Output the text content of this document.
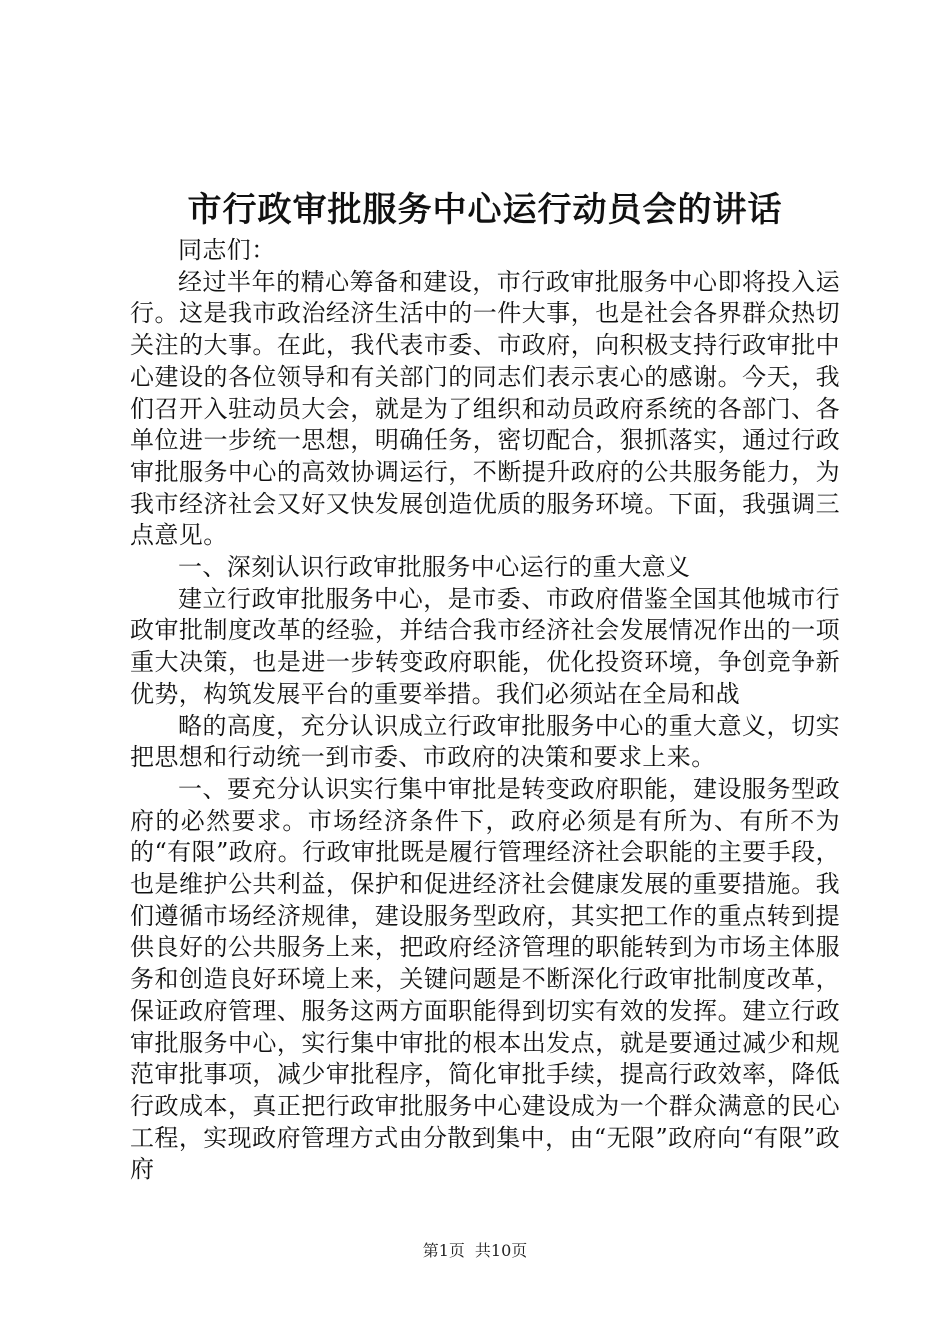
市行政审批服务中心运行动员会的讲话

同志们：

经过半年的精心筹备和建设，市行政审批服务中心即将投入运行。这是我市政治经济生活中的一件大事，也是社会各界群众热切关注的大事。在此，我代表市委、市政府，向积极支持行政审批中心建设的各位领导和有关部门的同志们表示衷心的感谢。今天，我们召开入驻动员大会，就是为了组织和动员政府系统的各部门、各单位进一步统一思想，明确任务，密切配合，狠抓落实，通过行政审批服务中心的高效协调运行，不断提升政府的公共服务能力，为我市经济社会又好又快发展创造优质的服务环境。下面，我强调三点意见。

一、深刻认识行政审批服务中心运行的重大意义

建立行政审批服务中心，是市委、市政府借鉴全国其他城市行政审批制度改革的经验，并结合我市经济社会发展情况作出的一项重大决策，也是进一步转变政府职能，优化投资环境，争创竞争新优势，构筑发展平台的重要举措。我们必须站在全局和战

略的高度，充分认识成立行政审批服务中心的重大意义，切实把思想和行动统一到市委、市政府的决策和要求上来。

一、要充分认识实行集中审批是转变政府职能，建设服务型政府的必然要求。市场经济条件下，政府必须是有所为、有所不为的“有限”政府。行政审批既是履行管理经济社会职能的主要手段，也是维护公共利益，保护和促进经济社会健康发展的重要措施。我们遵循市场经济规律，建设服务型政府，其实把工作的重点转到提供良好的公共服务上来，把政府经济管理的职能转到为市场主体服务和创造良好环境上来，关键问题是不断深化行政审批制度改革，保证政府管理、服务这两方面职能得到切实有效的发挥。建立行政审批服务中心，实行集中审批的根本出发点，就是要通过减少和规范审批事项，减少审批程序，简化审批手续，提高行政效率，降低行政成本，真正把行政审批服务中心建设成为一个群众满意的民心工程，实现政府管理方式由分散到集中，由“无限”政府向“有限”政府

第1页 共10页
